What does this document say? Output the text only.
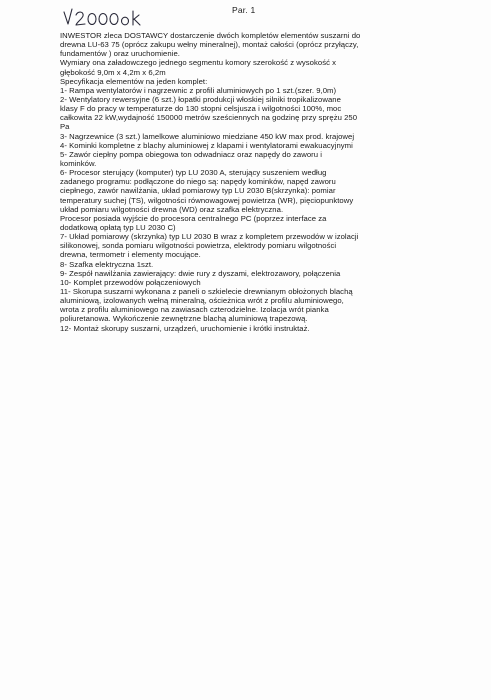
Par. 1
INWESTOR zleca DOSTAWCY dostarczenie dwóch kompletów elementów suszarni do
drewna LU-63 75 (oprócz zakupu wełny mineralnej), montaż całości (oprócz przyłączy,
fundamentów ) oraz uruchomienie.
Wymiary ona załadowczego jednego segmentu komory szerokość z wysokość x
głębokość 9,0m x 4,2m x 6,2m
Specyfikacja elementów na jeden komplet:
1- Rampa wentylatorów i nagrzewnic z profili aluminiowych po 1 szt.(szer. 9,0m)
2- Wentylatory rewersyjne (6 szt.) łopatki produkcji włoskiej silniki tropikalizowane
klasy F do pracy w temperaturze do 130 stopni celsjusza i wilgotności 100%, moc
całkowita 22 kW,wydajność 150000 metrów sześciennych na godzinę przy sprężu 250
Pa
3- Nagrzewnice (3 szt.) lamelkowe aluminiowo miedziane 450 kW max prod. krajowej
4- Kominki kompletne z blachy aluminiowej z klapami i wentylatorami ewakuacyjnymi
5- Zawór ciepłny pompa obiegowa ton odwadniacz oraz napędy do zaworu i
kominków.
6- Procesor sterujący (komputer) typ LU 2030 A, sterujący suszeniem według
zadanego programu: podłączone do niego są: napędy kominków, napęd zaworu
ciepłnego, zawór nawilżania, układ pomiarowy typ LU 2030 B(skrzynka): pomiar
temperatury suchej (TS), wilgotności równowagowej powietrza (WR), pięciopunktowy
układ pomiaru wilgotności drewna (WD) oraz szafka elektryczna.
Procesor posiada wyjście do procesora centralnego PC (poprzez interface za
dodatkową opłatą typ LU 2030 C)
7- Układ pomiarowy (skrzynka) typ LU 2030 B wraz z kompletem przewodów w izolacji
silikonowej, sonda pomiaru wilgotności powietrza, elektrody pomiaru wilgotności
drewna, termometr i elementy mocujące.
8- Szafka elektryczna 1szt.
9- Zespół nawilżania zawierający: dwie rury z dyszami, elektrozawory, połączenia
10- Komplet przewodów połączeniowych
11- Skorupa suszarni wykonana z paneli o szkielecie drewnianym obłożonych blachą
aluminiową, izolowanych wełną mineralną, ościeżnica wrót z profilu aluminiowego,
wrota z profilu aluminiowego na zawiasach czterodzielne. Izolacja wrót pianka
poliuretanowa. Wykończenie zewnętrzne blachą aluminiową trapezową.
12- Montaż skorupy suszarni, urządzeń, uruchomienie i krótki instruktaż.
